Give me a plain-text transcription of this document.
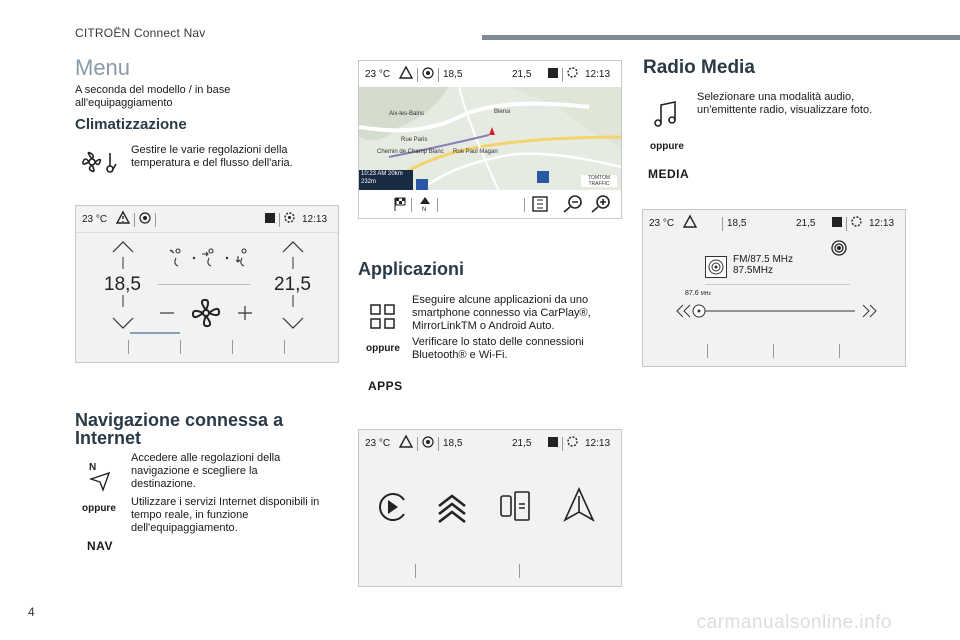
CITROËN Connect Nav
Menu
A seconda del modello / in base all'equipaggiamento
Climatizzazione
Gestire le varie regolazioni della temperatura e del flusso dell'aria.
23 °C	12:13
18,5	21,5
Navigazione connessa a Internet
N
oppure
NAV
Accedere alle regolazioni della navigazione e scegliere la destinazione.
Utilizzare i servizi Internet disponibili in tempo reale, in funzione dell'equipaggiamento.
23 °C	18,5	21,5	12:13
Aix-les-Bains
Rue Paris
Chemin de Champ Blanc Rue Paul Magan
Biensi
10:23 AM 20km
232m
TOMTOM TRAFFIC
N
Applicazioni
oppure
APPS
Eseguire alcune applicazioni da uno smartphone connesso via CarPlay®, MirrorLinkTM o Android Auto.
Verificare lo stato delle connessioni Bluetooth® e Wi-Fi.
23 °C	18,5	21,5	12:13
Radio Media
oppure
MEDIA
Selezionare una modalità audio, un'emittente radio, visualizzare foto.
23 °C	18,5	21,5	12:13
FM/87.5 MHz
87.5MHz
87.6 MHz
4	carmanualsonline.info
